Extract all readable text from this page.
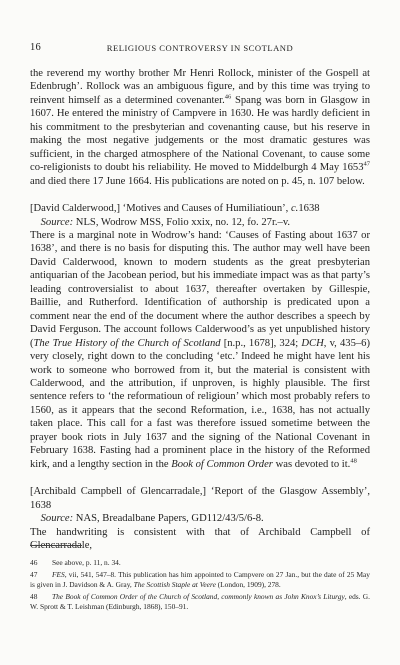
16	RELIGIOUS CONTROVERSY IN SCOTLAND

the reverend my worthy brother Mr Henri Rollock, minister of the Gospell at Edenbrugh’. Rollock was an ambiguous figure, and by this time was trying to reinvent himself as a determined covenanter.$^{46}$ Spang was born in Glasgow in 1607. He entered the ministry of Campvere in 1630. He was hardly deficient in his commitment to the presbyterian and covenanting cause, but his reserve in making the most negative judgements or the most dramatic gestures was sufficient, in the charged atmosphere of the National Covenant, to cause some co-religionists to doubt his reliability. He moved to Middelburgh 4 May 1653$^{47}$ and died there 17 June 1664. His publications are noted on p. 45, n. 107 below.

[David Calderwood,] ‘Motives and Causes of Humiliatioun’, c.1638

 Source: NLS, Wodrow MSS, Folio xxix, no. 12, fo. 27r.–v.

There is a marginal note in Wodrow’s hand: ‘Causes of Fasting about 1637 or 1638’, and there is no basis for disputing this. The author may well have been David Calderwood, known to modern students as the great presbyterian antiquarian of the Jacobean period, but his immediate impact was as that party’s leading controversialist to about 1637, thereafter overtaken by Gillespie, Baillie, and Rutherford. Identification of authorship is predicated upon a comment near the end of the document where the author describes a speech by David Ferguson. The account follows Calderwood’s as yet unpublished history (The True History of the Church of Scotland [n.p., 1678], 324; DCH, v, 435–6) very closely, right down to the concluding ‘etc.’ Indeed he might have lent his work to someone who borrowed from it, but the material is consistent with Calderwood, and the attribution, if unproven, is highly plausible. The first sentence refers to ‘the reformatioun of religioun’ which most probably refers to 1560, as it appears that the second Reformation, i.e., 1638, has not actually taken place. This call for a fast was therefore issued sometime between the prayer book riots in July 1637 and the signing of the National Covenant in February 1638. Fasting had a prominent place in the history of the Reformed kirk, and a lengthy section in the Book of Common Order was devoted to it.$^{48}$

[Archibald Campbell of Glencarradale,] ‘Report of the Glasgow Assembly’, 1638

 Source: NAS, Breadalbane Papers, GD112/43/5/6-8.

The handwriting is consistent with that of Archibald Campbell of Glencarradale,

46 See above, p. 11, n. 34.

47 FES, vii, 541, 547–8. This publication has him appointed to Campvere on 27 Jan., but the date of 25 May is given in J. Davidson & A. Gray, The Scottish Staple at Veere (London, 1909), 278.

48 The Book of Common Order of the Church of Scotland, commonly known as John Knox’s Liturgy, eds. G. W. Sprott & T. Leishman (Edinburgh, 1868), 150–91.
